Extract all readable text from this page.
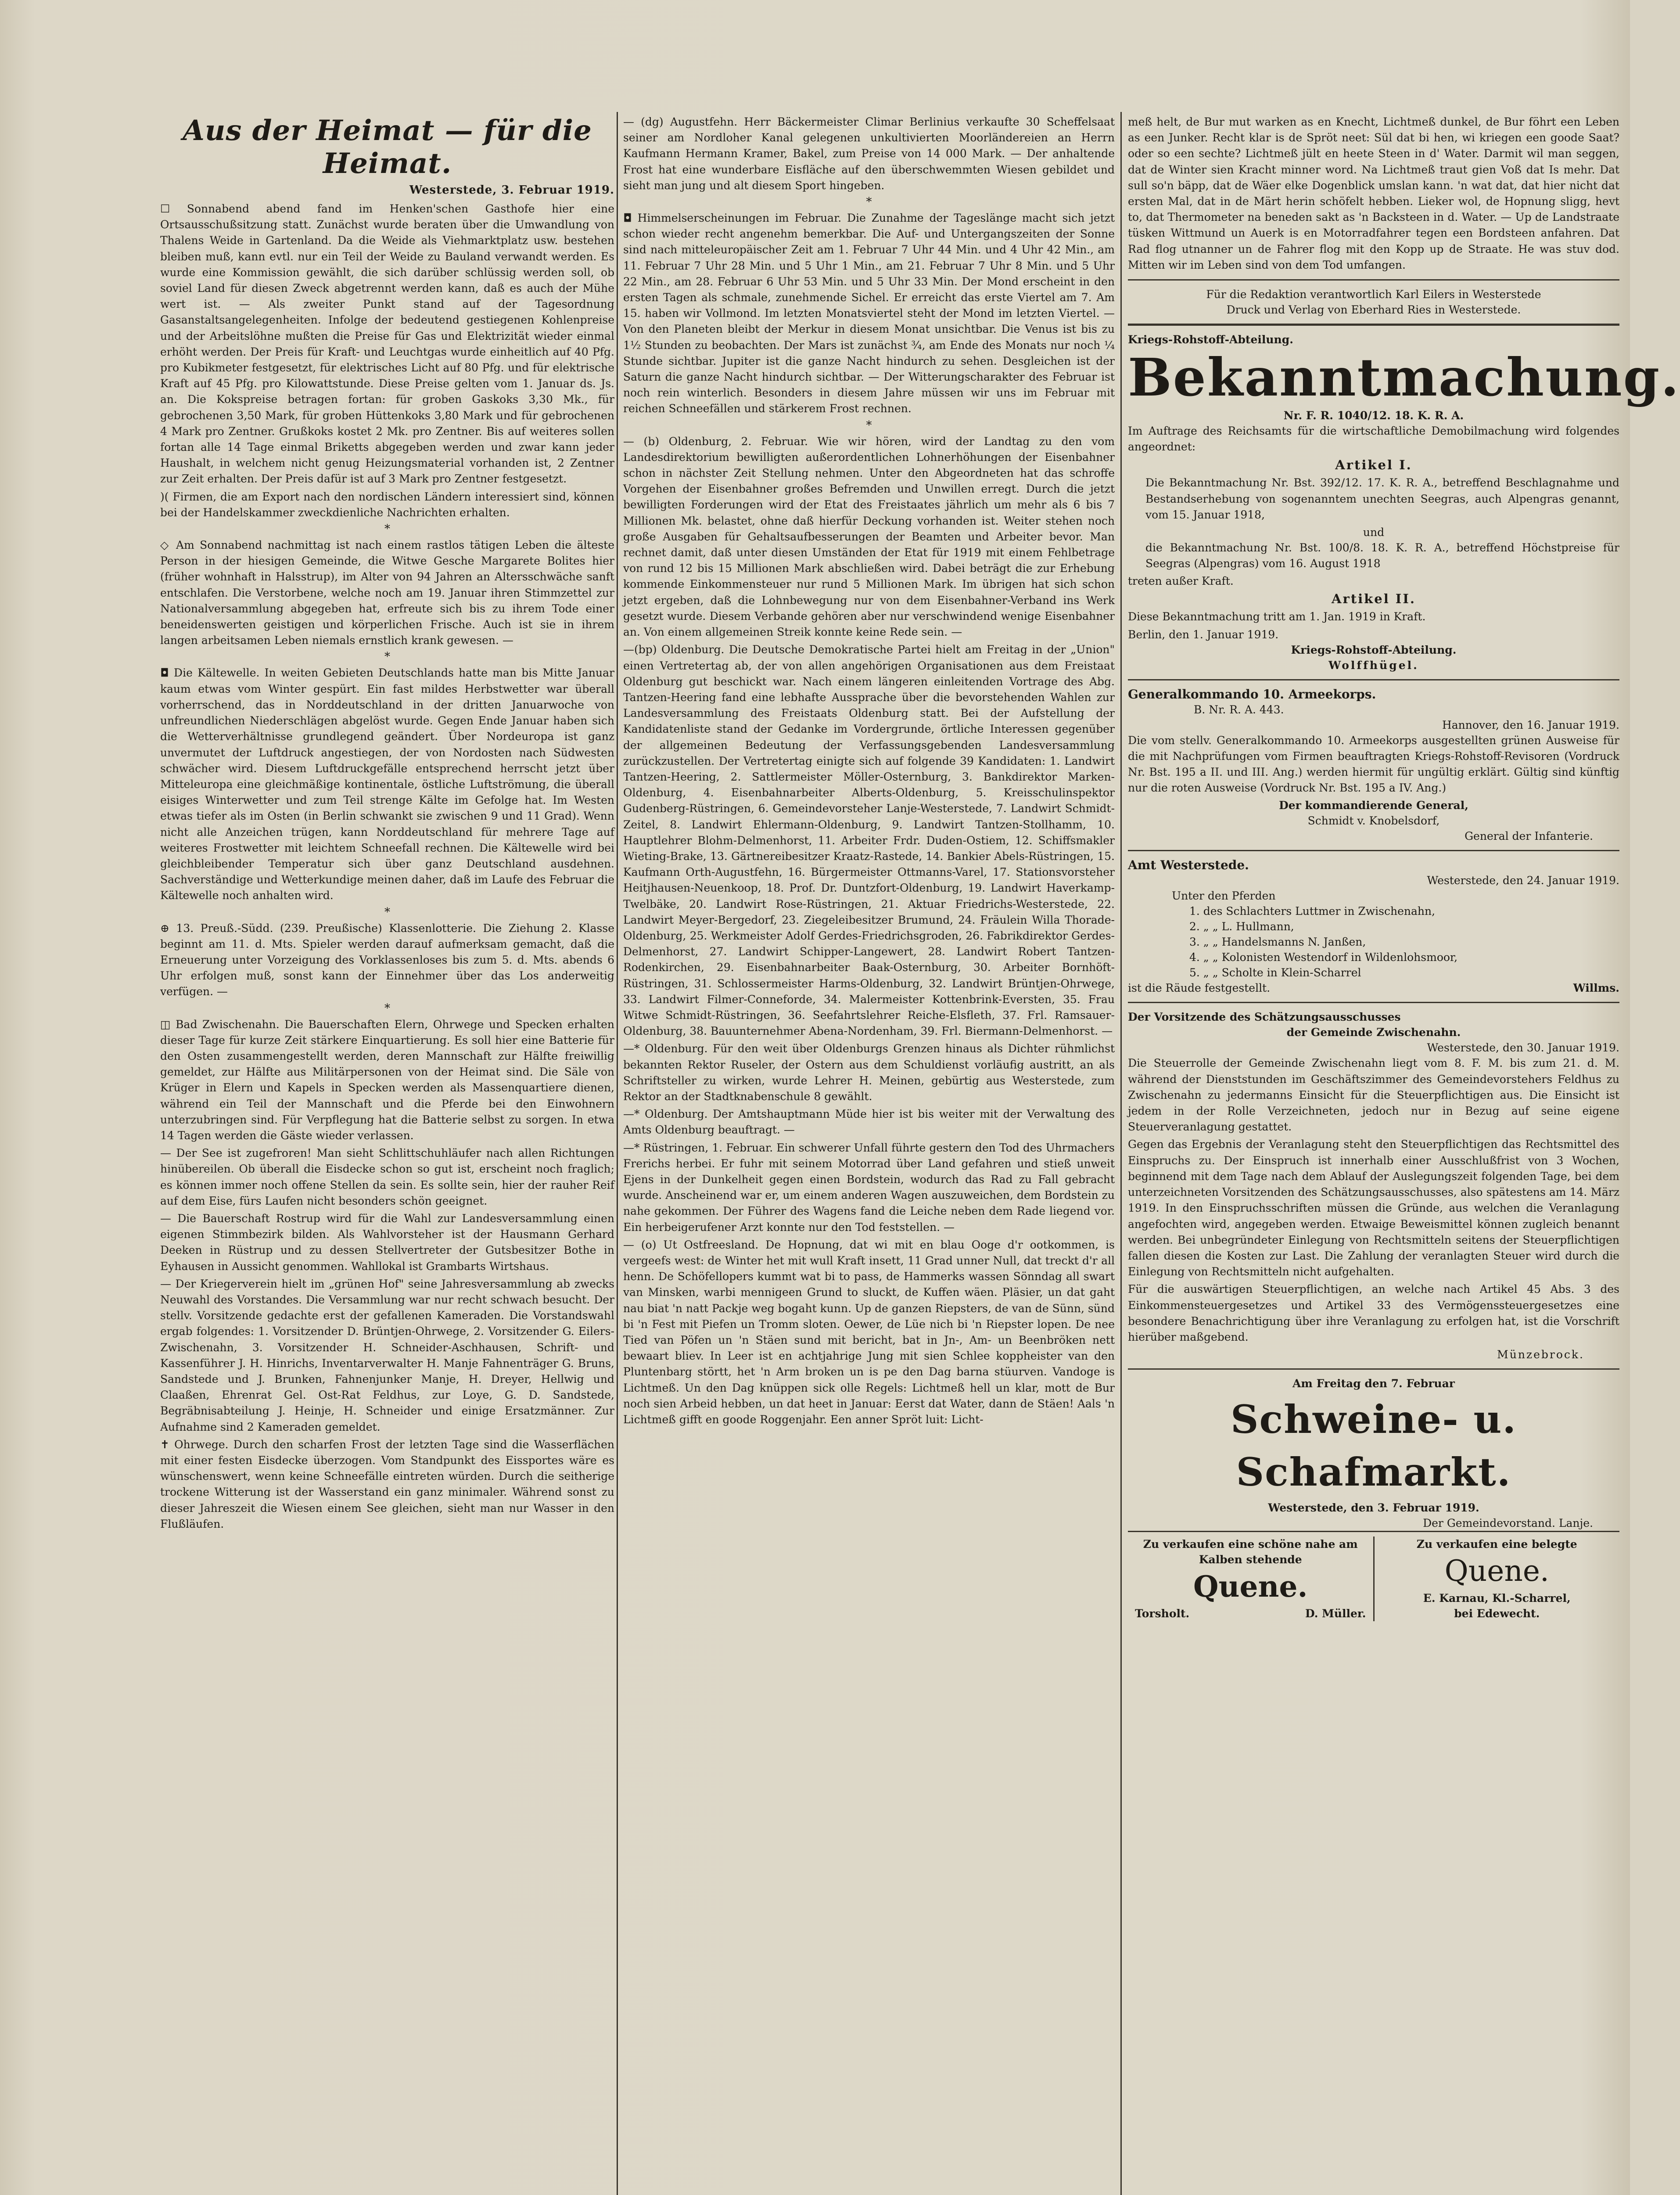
Aus der Heimat — für die Heimat.
Westerstede, 3. Februar 1919.

☐ Sonnabend abend fand im Henken'schen Gasthofe hier eine Ortsausschußsitzung statt. Zunächst wurde beraten über die Umwandlung von Thalens Weide in Gartenland. Da die Weide als Viehmarktplatz usw. bestehen bleiben muß, kann evtl. nur ein Teil der Weide zu Bauland verwandt werden. Es wurde eine Kommission gewählt, die sich darüber schlüssig werden soll, ob soviel Land für diesen Zweck abgetrennt werden kann, daß es auch der Mühe wert ist. — Als zweiter Punkt stand auf der Tagesordnung Gasanstaltsangelegenheiten. Infolge der bedeutend gestiegenen Kohlenpreise und der Arbeitslöhne mußten die Preise für Gas und Elektrizität wieder einmal erhöht werden. Der Preis für Kraft- und Leuchtgas wurde einheitlich auf 40 Pfg. pro Kubikmeter festgesetzt, für elektrisches Licht auf 80 Pfg. und für elektrische Kraft auf 45 Pfg. pro Kilowattstunde. Diese Preise gelten vom 1. Januar ds. Js. an. Die Kokspreise betragen fortan: für groben Gaskoks 3,30 Mk., für gebrochenen 3,50 Mark, für groben Hüttenkoks 3,80 Mark und für gebrochenen 4 Mark pro Zentner. Grußkoks kostet 2 Mk. pro Zentner. Bis auf weiteres sollen fortan alle 14 Tage einmal Briketts abgegeben werden und zwar kann jeder Haushalt, in welchem nicht genug Heizungsmaterial vorhanden ist, 2 Zentner zur Zeit erhalten. Der Preis dafür ist auf 3 Mark pro Zentner festgesetzt.

)( Firmen, die am Export nach den nordischen Ländern interessiert sind, können bei der Handelskammer zweckdienliche Nachrichten erhalten.

*

◇ Am Sonnabend nachmittag ist nach einem rastlos tätigen Leben die älteste Person in der hiesigen Gemeinde, die Witwe Gesche Margarete Bolites hier (früher wohnhaft in Halsstrup), im Alter von 94 Jahren an Altersschwäche sanft entschlafen. Die Verstorbene, welche noch am 19. Januar ihren Stimmzettel zur Nationalversammlung abgegeben hat, erfreute sich bis zu ihrem Tode einer beneidenswerten geistigen und körperlichen Frische. Auch ist sie in ihrem langen arbeitsamen Leben niemals ernstlich krank gewesen. —

*

◘ Die Kältewelle. In weiten Gebieten Deutschlands hatte man bis Mitte Januar kaum etwas vom Winter gespürt. Ein fast mildes Herbstwetter war überall vorherrschend, das in Norddeutschland in der dritten Januarwoche von unfreundlichen Niederschlägen abgelöst wurde. Gegen Ende Januar haben sich die Wetterverhältnisse grundlegend geändert. Über Nordeuropa ist ganz unvermutet der Luftdruck angestiegen, der von Nordosten nach Südwesten schwächer wird. Diesem Luftdruckgefälle entsprechend herrscht jetzt über Mitteleuropa eine gleichmäßige kontinentale, östliche Luftströmung, die überall eisiges Winterwetter und zum Teil strenge Kälte im Gefolge hat. Im Westen etwas tiefer als im Osten (in Berlin schwankt sie zwischen 9 und 11 Grad). Wenn nicht alle Anzeichen trügen, kann Norddeutschland für mehrere Tage auf weiteres Frostwetter mit leichtem Schneefall rechnen. Die Kältewelle wird bei gleichbleibender Temperatur sich über ganz Deutschland ausdehnen. Sachverständige und Wetterkundige meinen daher, daß im Laufe des Februar die Kältewelle noch anhalten wird.

*

⊕ 13. Preuß.-Südd. (239. Preußische) Klassenlotterie. Die Ziehung 2. Klasse beginnt am 11. d. Mts. Spieler werden darauf aufmerksam gemacht, daß die Erneuerung unter Vorzeigung des Vorklassenloses bis zum 5. d. Mts. abends 6 Uhr erfolgen muß, sonst kann der Einnehmer über das Los anderweitig verfügen. —

*

◫ Bad Zwischenahn. Die Bauerschaften Elern, Ohrwege und Specken erhalten dieser Tage für kurze Zeit stärkere Einquartierung. Es soll hier eine Batterie für den Osten zusammengestellt werden, deren Mannschaft zur Hälfte freiwillig gemeldet, zur Hälfte aus Militärpersonen von der Heimat sind. Die Säle von Krüger in Elern und Kapels in Specken werden als Massenquartiere dienen, während ein Teil der Mannschaft und die Pferde bei den Einwohnern unterzubringen sind. Für Verpflegung hat die Batterie selbst zu sorgen. In etwa 14 Tagen werden die Gäste wieder verlassen.

— Der See ist zugefroren! Man sieht Schlittschuhläufer nach allen Richtungen hinübereilen. Ob überall die Eisdecke schon so gut ist, erscheint noch fraglich; es können immer noch offene Stellen da sein. Es sollte sein, hier der rauher Reif auf dem Eise, fürs Laufen nicht besonders schön geeignet.

— Die Bauerschaft Rostrup wird für die Wahl zur Landesversammlung einen eigenen Stimmbezirk bilden. Als Wahlvorsteher ist der Hausmann Gerhard Deeken in Rüstrup und zu dessen Stellvertreter der Gutsbesitzer Bothe in Eyhausen in Aussicht genommen. Wahllokal ist Grambarts Wirtshaus.

— Der Kriegerverein hielt im „grünen Hof" seine Jahresversammlung ab zwecks Neuwahl des Vorstandes. Die Versammlung war nur recht schwach besucht. Der stellv. Vorsitzende gedachte erst der gefallenen Kameraden. Die Vorstandswahl ergab folgendes: 1. Vorsitzender D. Brüntjen-Ohrwege, 2. Vorsitzender G. Eilers-Zwischenahn, 3. Vorsitzender H. Schneider-Aschhausen, Schrift- und Kassenführer J. H. Hinrichs, Inventarverwalter H. Manje Fahnenträger G. Bruns, Sandstede und J. Brunken, Fahnenjunker Manje, H. Dreyer, Hellwig und Claaßen, Ehrenrat Gel. Ost-Rat Feldhus, zur Loye, G. D. Sandstede, Begräbnisabteilung J. Heinje, H. Schneider und einige Ersatzmänner. Zur Aufnahme sind 2 Kameraden gemeldet.

✝ Ohrwege. Durch den scharfen Frost der letzten Tage sind die Wasserflächen mit einer festen Eisdecke überzogen. Vom Standpunkt des Eissportes wäre es wünschenswert, wenn keine Schneefälle eintreten würden. Durch die seitherige trockene Witterung ist der Wasserstand ein ganz minimaler. Während sonst zu dieser Jahreszeit die Wiesen einem See gleichen, sieht man nur Wasser in den Flußläufen.

— (dg) Augustfehn. Herr Bäckermeister Climar Berlinius verkaufte 30 Scheffelsaat seiner am Nordloher Kanal gelegenen unkultivierten Moorländereien an Herrn Kaufmann Hermann Kramer, Bakel, zum Preise von 14 000 Mark. — Der anhaltende Frost hat eine wunderbare Eisfläche auf den überschwemmten Wiesen gebildet und sieht man jung und alt diesem Sport hingeben.

*

◘ Himmelserscheinungen im Februar. Die Zunahme der Tageslänge macht sich jetzt schon wieder recht angenehm bemerkbar. Die Auf- und Untergangszeiten der Sonne sind nach mitteleuropäischer Zeit am 1. Februar 7 Uhr 44 Min. und 4 Uhr 42 Min., am 11. Februar 7 Uhr 28 Min. und 5 Uhr 1 Min., am 21. Februar 7 Uhr 8 Min. und 5 Uhr 22 Min., am 28. Februar 6 Uhr 53 Min. und 5 Uhr 33 Min. Der Mond erscheint in den ersten Tagen als schmale, zunehmende Sichel. Er erreicht das erste Viertel am 7. Am 15. haben wir Vollmond. Im letzten Monatsviertel steht der Mond im letzten Viertel. — Von den Planeten bleibt der Merkur in diesem Monat unsichtbar. Die Venus ist bis zu 1½ Stunden zu beobachten. Der Mars ist zunächst ¾, am Ende des Monats nur noch ¼ Stunde sichtbar. Jupiter ist die ganze Nacht hindurch zu sehen. Desgleichen ist der Saturn die ganze Nacht hindurch sichtbar. — Der Witterungscharakter des Februar ist noch rein winterlich. Besonders in diesem Jahre müssen wir uns im Februar mit reichen Schneefällen und stärkerem Frost rechnen.

*

— (b) Oldenburg, 2. Februar. Wie wir hören, wird der Landtag zu den vom Landesdirektorium bewilligten außerordentlichen Lohnerhöhungen der Eisenbahner schon in nächster Zeit Stellung nehmen. Unter den Abgeordneten hat das schroffe Vorgehen der Eisenbahner großes Befremden und Unwillen erregt. Durch die jetzt bewilligten Forderungen wird der Etat des Freistaates jährlich um mehr als 6 bis 7 Millionen Mk. belastet, ohne daß hierfür Deckung vorhanden ist. Weiter stehen noch große Ausgaben für Gehaltsaufbesserungen der Beamten und Arbeiter bevor. Man rechnet damit, daß unter diesen Umständen der Etat für 1919 mit einem Fehlbetrage von rund 12 bis 15 Millionen Mark abschließen wird. Dabei beträgt die zur Erhebung kommende Einkommensteuer nur rund 5 Millionen Mark. Im übrigen hat sich schon jetzt ergeben, daß die Lohnbewegung nur von dem Eisenbahner-Verband ins Werk gesetzt wurde. Diesem Verbande gehören aber nur verschwindend wenige Eisenbahner an. Von einem allgemeinen Streik konnte keine Rede sein. —

—(bp) Oldenburg. Die Deutsche Demokratische Partei hielt am Freitag in der „Union" einen Vertretertag ab, der von allen angehörigen Organisationen aus dem Freistaat Oldenburg gut beschickt war. Nach einem längeren einleitenden Vortrage des Abg. Tantzen-Heering fand eine lebhafte Aussprache über die bevorstehenden Wahlen zur Landesversammlung des Freistaats Oldenburg statt. Bei der Aufstellung der Kandidatenliste stand der Gedanke im Vordergrunde, örtliche Interessen gegenüber der allgemeinen Bedeutung der Verfassungsgebenden Landesversammlung zurückzustellen. Der Vertretertag einigte sich auf folgende 39 Kandidaten: 1. Landwirt Tantzen-Heering, 2. Sattlermeister Möller-Osternburg, 3. Bankdirektor Marken-Oldenburg, 4. Eisenbahnarbeiter Alberts-Oldenburg, 5. Kreisschulinspektor Gudenberg-Rüstringen, 6. Gemeindevorsteher Lanje-Westerstede, 7. Landwirt Schmidt-Zeitel, 8. Landwirt Ehlermann-Oldenburg, 9. Landwirt Tantzen-Stollhamm, 10. Hauptlehrer Blohm-Delmenhorst, 11. Arbeiter Frdr. Duden-Ostiem, 12. Schiffsmakler Wieting-Brake, 13. Gärtnereibesitzer Kraatz-Rastede, 14. Bankier Abels-Rüstringen, 15. Kaufmann Orth-Augustfehn, 16. Bürgermeister Ottmanns-Varel, 17. Stationsvorsteher Heitjhausen-Neuenkoop, 18. Prof. Dr. Duntzfort-Oldenburg, 19. Landwirt Haverkamp-Twelbäke, 20. Landwirt Rose-Rüstringen, 21. Aktuar Friedrichs-Westerstede, 22. Landwirt Meyer-Bergedorf, 23. Ziegeleibesitzer Brumund, 24. Fräulein Willa Thorade-Oldenburg, 25. Werkmeister Adolf Gerdes-Friedrichsgroden, 26. Fabrikdirektor Gerdes-Delmenhorst, 27. Landwirt Schipper-Langewert, 28. Landwirt Robert Tantzen-Rodenkirchen, 29. Eisenbahnarbeiter Baak-Osternburg, 30. Arbeiter Bornhöft-Rüstringen, 31. Schlossermeister Harms-Oldenburg, 32. Landwirt Brüntjen-Ohrwege, 33. Landwirt Filmer-Conneforde, 34. Malermeister Kottenbrink-Eversten, 35. Frau Witwe Schmidt-Rüstringen, 36. Seefahrtslehrer Reiche-Elsfleth, 37. Frl. Ramsauer-Oldenburg, 38. Bauunternehmer Abena-Nordenham, 39. Frl. Biermann-Delmenhorst. —

—* Oldenburg. Für den weit über Oldenburgs Grenzen hinaus als Dichter rühmlichst bekannten Rektor Ruseler, der Ostern aus dem Schuldienst vorläufig austritt, an als Schriftsteller zu wirken, wurde Lehrer H. Meinen, gebürtig aus Westerstede, zum Rektor an der Stadtknabenschule 8 gewählt.

—* Oldenburg. Der Amtshauptmann Müde hier ist bis weiter mit der Verwaltung des Amts Oldenburg beauftragt. —

—* Rüstringen, 1. Februar. Ein schwerer Unfall führte gestern den Tod des Uhrmachers Frerichs herbei. Er fuhr mit seinem Motorrad über Land gefahren und stieß unweit Ejens in der Dunkelheit gegen einen Bordstein, wodurch das Rad zu Fall gebracht wurde. Anscheinend war er, um einem anderen Wagen auszuweichen, dem Bordstein zu nahe gekommen. Der Führer des Wagens fand die Leiche neben dem Rade liegend vor. Ein herbeigerufener Arzt konnte nur den Tod feststellen. —

— (o) Ut Ostfreesland. De Hopnung, dat wi mit en blau Ooge d'r ootkommen, is vergeefs west: de Winter het mit wull Kraft insett, 11 Grad unner Null, dat treckt d'r all henn. De Schöfellopers kummt wat bi to pass, de Hammerks wassen Sönndag all swart van Minsken, warbi mennigeen Grund to sluckt, de Kuffen wäen. Pläsier, un dat gaht nau biat 'n natt Packje weg bogaht kunn. Up de ganzen Riepsters, de van de Sünn, sünd bi 'n Fest mit Piefen un Tromm sloten. Oewer, de Lüe nich bi 'n Riepster lopen. De nee Tied van Pöfen un 'n Stäen sund mit bericht, bat in Jn-, Am- un Beenbröken nett bewaart bliev. In Leer ist en achtjahrige Jung mit sien Schlee koppheister van den Pluntenbarg störtt, het 'n Arm broken un is pe den Dag barna stüurven. Vandoge is Lichtmeß. Un den Dag knüppen sick olle Regels: Lichtmeß hell un klar, mott de Bur noch sien Arbeid hebben, un dat heet in Januar: Eerst dat Water, dann de Stäen! Aals 'n Lichtmeß gifft en goode Roggenjahr. Een anner Spröt luit: Licht-

meß helt, de Bur mut warken as en Knecht, Lichtmeß dunkel, de Bur föhrt een Leben as een Junker. Recht klar is de Spröt neet: Sül dat bi hen, wi kriegen een goode Saat? oder so een sechte? Lichtmeß jült en heete Steen in d' Water. Darmit wil man seggen, dat de Winter sien Kracht minner word. Na Lichtmeß traut gien Voß dat Is mehr. Dat sull so'n bäpp, dat de Wäer elke Dogenblick umslan kann. 'n wat dat, dat hier nicht dat ersten Mal, dat in de Märt herin schöfelt hebben. Lieker wol, de Hopnung sligg, hevt to, dat Thermometer na beneden sakt as 'n Backsteen in d. Water. — Up de Landstraate tüsken Wittmund un Auerk is en Motorradfahrer tegen een Bordsteen anfahren. Dat Rad flog utnanner un de Fahrer flog mit den Kopp up de Straate. He was stuv dod. Mitten wir im Leben sind von dem Tod umfangen.

Für die Redaktion verantwortlich Karl Eilers in Westerstede
Druck und Verlag von Eberhard Ries in Westerstede.
Kriegs-Rohstoff-Abteilung.
Bekanntmachung.
Nr. F. R. 1040/12. 18. K. R. A.

Im Auftrage des Reichsamts für die wirtschaftliche Demobilmachung wird folgendes angeordnet:

Artikel I.

Die Bekanntmachung Nr. Bst. 392/12. 17. K. R. A., betreffend Beschlagnahme und Bestandserhebung von sogenanntem unechten Seegras, auch Alpengras genannt, vom 15. Januar 1918,

und

die Bekanntmachung Nr. Bst. 100/8. 18. K. R. A., betreffend Höchstpreise für Seegras (Alpengras) vom 16. August 1918

treten außer Kraft.
Artikel II.

Diese Bekanntmachung tritt am 1. Jan. 1919 in Kraft.

Berlin, den 1. Januar 1919.
Kriegs-Rohstoff-Abteilung.
Wolffhügel.
Generalkommando 10. Armeekorps.
B. Nr. R. A. 443.
Hannover, den 16. Januar 1919.

Die vom stellv. Generalkommando 10. Armeekorps ausgestellten grünen Ausweise für die mit Nachprüfungen vom Firmen beauftragten Kriegs-Rohstoff-Revisoren (Vordruck Nr. Bst. 195 a II. und III. Ang.) werden hiermit für ungültig erklärt. Gültig sind künftig nur die roten Ausweise (Vordruck Nr. Bst. 195 a IV. Ang.)

Der kommandierende General,
Schmidt v. Knobelsdorf,
General der Infanterie.
Amt Westerstede.
Westerstede, den 24. Januar 1919.
Unter den Pferden
1. des Schlachters Luttmer in Zwischenahn,
2. „ „ L. Hullmann,
3. „ „ Handelsmanns N. Janßen,
4. „ „ Kolonisten Westendorf in Wildenlohsmoor,
5. „ „ Scholte in Klein-Scharrel
ist die Räude festgestellt.	Willms.
Der Vorsitzende des Schätzungsausschusses
der Gemeinde Zwischenahn.
Westerstede, den 30. Januar 1919.

Die Steuerrolle der Gemeinde Zwischenahn liegt vom 8. F. M. bis zum 21. d. M. während der Dienststunden im Geschäftszimmer des Gemeindevorstehers Feldhus zu Zwischenahn zu jedermanns Einsicht für die Steuerpflichtigen aus. Die Einsicht ist jedem in der Rolle Verzeichneten, jedoch nur in Bezug auf seine eigene Steuerveranlagung gestattet.

Gegen das Ergebnis der Veranlagung steht den Steuerpflichtigen das Rechtsmittel des Einspruchs zu. Der Einspruch ist innerhalb einer Ausschlußfrist von 3 Wochen, beginnend mit dem Tage nach dem Ablauf der Auslegungszeit folgenden Tage, bei dem unterzeichneten Vorsitzenden des Schätzungsausschusses, also spätestens am 14. März 1919. In den Einspruchsschriften müssen die Gründe, aus welchen die Veranlagung angefochten wird, angegeben werden. Etwaige Beweismittel können zugleich benannt werden. Bei unbegründeter Einlegung von Rechtsmitteln seitens der Steuerpflichtigen fallen diesen die Kosten zur Last. Die Zahlung der veranlagten Steuer wird durch die Einlegung von Rechtsmitteln nicht aufgehalten.

Für die auswärtigen Steuerpflichtigen, an welche nach Artikel 45 Abs. 3 des Einkommensteuergesetzes und Artikel 33 des Vermögenssteuergesetzes eine besondere Benachrichtigung über ihre Veranlagung zu erfolgen hat, ist die Vorschrift hierüber maßgebend.

Münzebrock.
Am Freitag den 7. Februar
Schweine- u. Schafmarkt.
Westerstede, den 3. Februar 1919.
Der Gemeindevorstand. Lanje.
Zu verkaufen eine schöne nahe am Kalben stehende
Quene.
Torsholt.	D. Müller.
Zu verkaufen eine belegte
Quene.
E. Karnau, Kl.-Scharrel,
bei Edewecht.
